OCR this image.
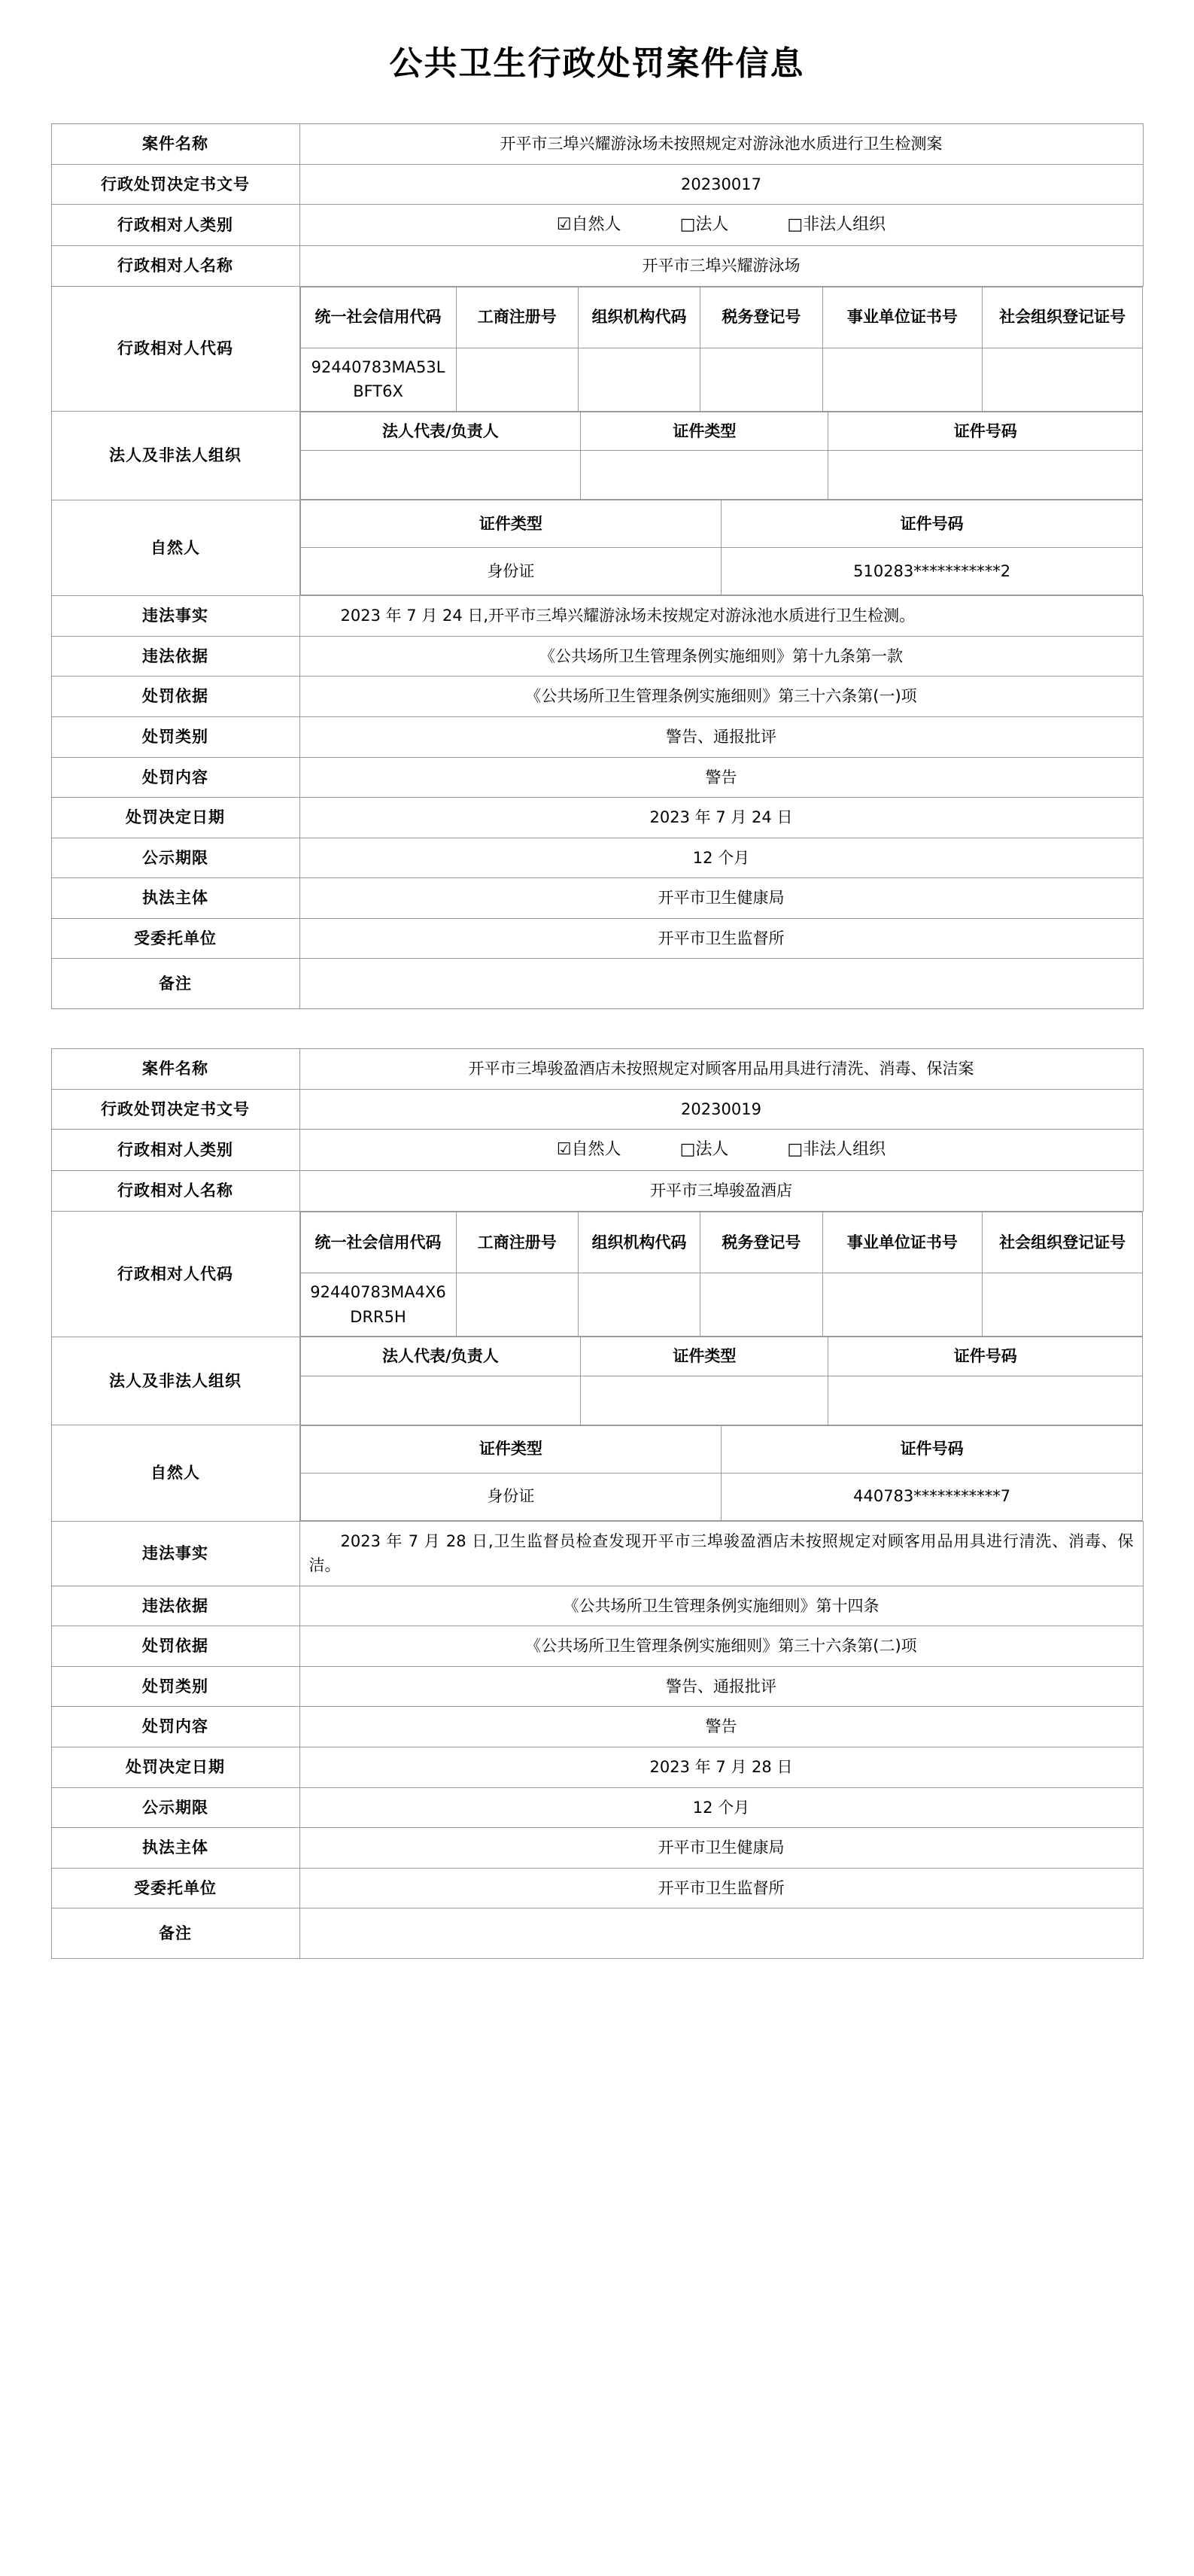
公共卫生行政处罚案件信息
案件名称	开平市三埠兴耀游泳场未按照规定对游泳池水质进行卫生检测案
行政处罚决定书文号	20230017
行政相对人类别	☑自然人	□法人	□非法人组织

行政相对人名称	开平市三埠兴耀游泳场
行政相对人代码	
统一社会信用代码	工商注册号	组织机构代码	税务登记号	事业单位证书号	社会组织登记证号
92440783MA53LBFT6X					

法人及非法人组织	
法人代表/负责人	证件类型	证件号码

自然人	
证件类型	证件号码
身份证	510283***********2

违法事实	2023 年 7 月 24 日,开平市三埠兴耀游泳场未按规定对游泳池水质进行卫生检测。
违法依据	《公共场所卫生管理条例实施细则》第十九条第一款
处罚依据	《公共场所卫生管理条例实施细则》第三十六条第(一)项
处罚类别	警告、通报批评
处罚内容	警告
处罚决定日期	2023 年 7 月 24 日
公示期限	12 个月
执法主体	开平市卫生健康局
受委托单位	开平市卫生监督所
备注	
案件名称	开平市三埠骏盈酒店未按照规定对顾客用品用具进行清洗、消毒、保洁案
行政处罚决定书文号	20230019
行政相对人类别	☑自然人	□法人	□非法人组织

行政相对人名称	开平市三埠骏盈酒店
行政相对人代码	
统一社会信用代码	工商注册号	组织机构代码	税务登记号	事业单位证书号	社会组织登记证号
92440783MA4X6DRR5H					

法人及非法人组织	
法人代表/负责人	证件类型	证件号码

自然人	
证件类型	证件号码
身份证	440783***********7

违法事实	2023 年 7 月 28 日,卫生监督员检查发现开平市三埠骏盈酒店未按照规定对顾客用品用具进行清洗、消毒、保洁。
违法依据	《公共场所卫生管理条例实施细则》第十四条
处罚依据	《公共场所卫生管理条例实施细则》第三十六条第(二)项
处罚类别	警告、通报批评
处罚内容	警告
处罚决定日期	2023 年 7 月 28 日
公示期限	12 个月
执法主体	开平市卫生健康局
受委托单位	开平市卫生监督所
备注	
